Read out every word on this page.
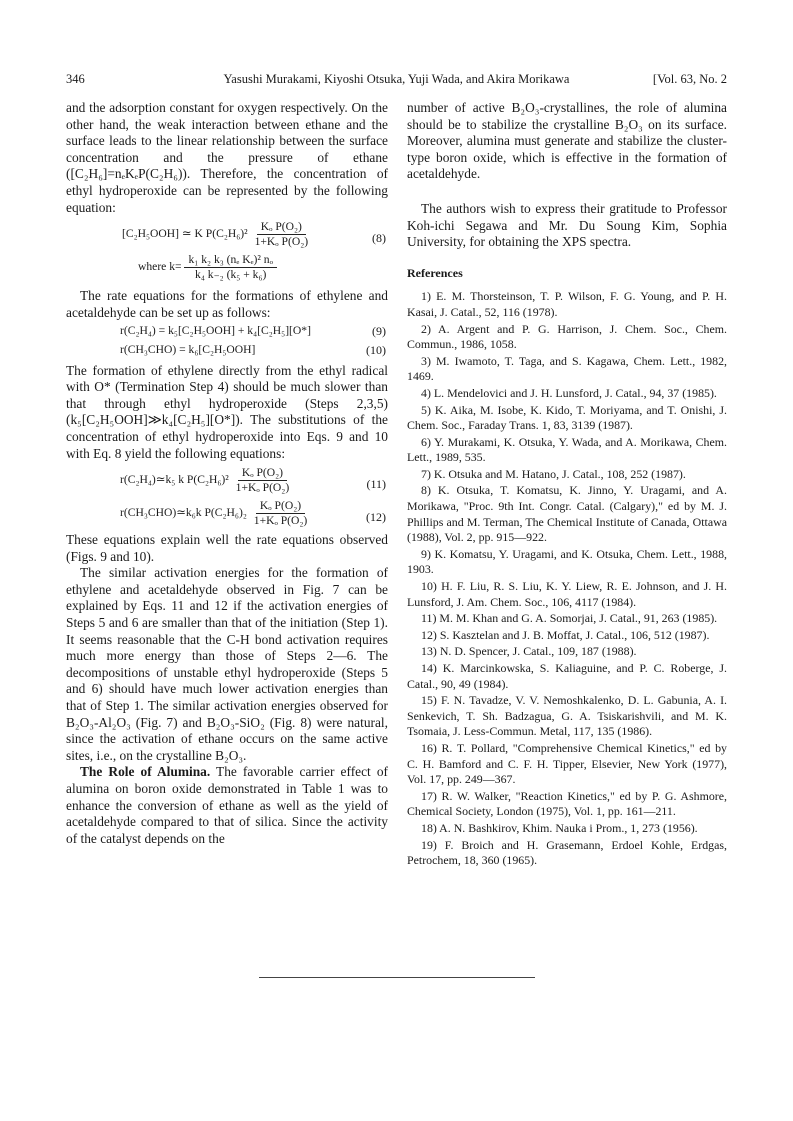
346	Yasushi Murakami, Kiyoshi Otsuka, Yuji Wada, and Akira Morikawa	[Vol. 63, No. 2

and the adsorption constant for oxygen respectively. On the other hand, the weak interaction between ethane and the surface leads to the linear relationship between the surface concentration and the pressure of ethane ([C₂H₆]=nₑKₑP(C₂H₆)). Therefore, the concentration of ethyl hydroperoxide can be represented by the following equation:

[C₂H₅OOH] ≃ K $P(C_2H_6)^2 \frac{\text{Kₒ P(O₂)}}{\text{1+Kₒ P(O₂)}}$	(8)
where $k= \frac{\text{k₁ k₂ k₃ (nₑ Kₑ)² nₒ}}{\text{k₄ k₋₂ (k₅ + k₆)}}$

The rate equations for the formations of ethylene and acetaldehyde can be set up as follows:

r(C₂H₄) = k₅[C₂H₅OOH] + k₄[C₂H₅][O*]	(9)
r(CH₃CHO) = k₆[C₂H₅OOH]	(10)

The formation of ethylene directly from the ethyl radical with O* (Termination Step 4) should be much slower than that through ethyl hydroperoxide (Steps 2,3,5)(k₅[C₂H₅OOH]≫k₄[C₂H₅][O*]). The substitutions of the concentration of ethyl hydroperoxide into Eqs. 9 and 10 with Eq. 8 yield the following equations:

r(C₂H₄)≃k₅ k $P(C_2H_6)^2 \frac{\text{Kₒ P(O₂)}}{\text{1+Kₒ P(O₂)}}$	(11)
r(CH₃CHO)≃k₆k $P(C_2H_6)_2 \frac{\text{Kₒ P(O₂)}}{\text{1+Kₒ P(O₂)}}$	(12)

These equations explain well the rate equations observed (Figs. 9 and 10).

The similar activation energies for the formation of ethylene and acetaldehyde observed in Fig. 7 can be explained by Eqs. 11 and 12 if the activation energies of Steps 5 and 6 are smaller than that of the initiation (Step 1). It seems reasonable that the C-H bond activation requires much more energy than those of Steps 2—6. The decompositions of unstable ethyl hydroperoxide (Steps 5 and 6) should have much lower activation energies than that of Step 1. The similar activation energies observed for B₂O₃-Al₂O₃ (Fig. 7) and B₂O₃-SiO₂ (Fig. 8) were natural, since the activation of ethane occurs on the same active sites, i.e., on the crystalline B₂O₃.

The Role of Alumina. The favorable carrier effect of alumina on boron oxide demonstrated in Table 1 was to enhance the conversion of ethane as well as the yield of acetaldehyde compared to that of silica. Since the activity of the catalyst depends on the

number of active B₂O₃-crystallines, the role of alumina should be to stabilize the crystalline B₂O₃ on its surface. Moreover, alumina must generate and stabilize the cluster-type boron oxide, which is effective in the formation of acetaldehyde.

The authors wish to express their gratitude to Professor Koh-ichi Segawa and Mr. Du Soung Kim, Sophia University, for obtaining the XPS spectra.

References

1) E. M. Thorsteinson, T. P. Wilson, F. G. Young, and P. H. Kasai, J. Catal., 52, 116 (1978).

2) A. Argent and P. G. Harrison, J. Chem. Soc., Chem. Commun., 1986, 1058.

3) M. Iwamoto, T. Taga, and S. Kagawa, Chem. Lett., 1982, 1469.

4) L. Mendelovici and J. H. Lunsford, J. Catal., 94, 37 (1985).

5) K. Aika, M. Isobe, K. Kido, T. Moriyama, and T. Onishi, J. Chem. Soc., Faraday Trans. 1, 83, 3139 (1987).

6) Y. Murakami, K. Otsuka, Y. Wada, and A. Morikawa, Chem. Lett., 1989, 535.

7) K. Otsuka and M. Hatano, J. Catal., 108, 252 (1987).

8) K. Otsuka, T. Komatsu, K. Jinno, Y. Uragami, and A. Morikawa, "Proc. 9th Int. Congr. Catal. (Calgary)," ed by M. J. Phillips and M. Terman, The Chemical Institute of Canada, Ottawa (1988), Vol. 2, pp. 915—922.

9) K. Komatsu, Y. Uragami, and K. Otsuka, Chem. Lett., 1988, 1903.

10) H. F. Liu, R. S. Liu, K. Y. Liew, R. E. Johnson, and J. H. Lunsford, J. Am. Chem. Soc., 106, 4117 (1984).

11) M. M. Khan and G. A. Somorjai, J. Catal., 91, 263 (1985).

12) S. Kasztelan and J. B. Moffat, J. Catal., 106, 512 (1987).

13) N. D. Spencer, J. Catal., 109, 187 (1988).

14) K. Marcinkowska, S. Kaliaguine, and P. C. Roberge, J. Catal., 90, 49 (1984).

15) F. N. Tavadze, V. V. Nemoshkalenko, D. L. Gabunia, A. I. Senkevich, T. Sh. Badzagua, G. A. Tsiskarishvili, and M. K. Tsomaia, J. Less-Commun. Metal, 117, 135 (1986).

16) R. T. Pollard, "Comprehensive Chemical Kinetics," ed by C. H. Bamford and C. F. H. Tipper, Elsevier, New York (1977), Vol. 17, pp. 249—367.

17) R. W. Walker, "Reaction Kinetics," ed by P. G. Ashmore, Chemical Society, London (1975), Vol. 1, pp. 161—211.

18) A. N. Bashkirov, Khim. Nauka i Prom., 1, 273 (1956).

19) F. Broich and H. Grasemann, Erdoel Kohle, Erdgas, Petrochem, 18, 360 (1965).
